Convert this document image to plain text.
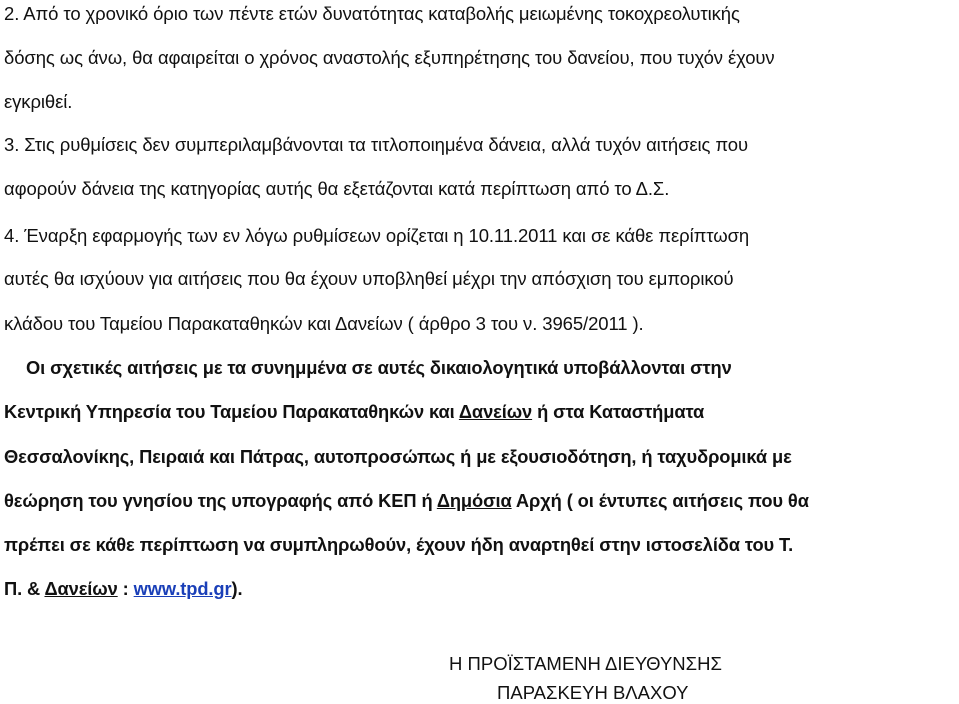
2. Από το χρονικό όριο των πέντε ετών δυνατότητας καταβολής μειωμένης τοκοχρεολυτικής
δόσης ως άνω, θα αφαιρείται ο χρόνος αναστολής εξυπηρέτησης του δανείου, που τυχόν έχουν
εγκριθεί.
3. Στις ρυθμίσεις δεν συμπεριλαμβάνονται τα τιτλοποιημένα δάνεια, αλλά τυχόν αιτήσεις που
αφορούν δάνεια της κατηγορίας αυτής θα εξετάζονται κατά περίπτωση από το Δ.Σ.
4. Έναρξη εφαρμογής των εν λόγω ρυθμίσεων ορίζεται η 10.11.2011 και σε κάθε περίπτωση
αυτές θα ισχύουν για αιτήσεις που θα έχουν υποβληθεί μέχρι την απόσχιση του εμπορικού
κλάδου του Ταμείου Παρακαταθηκών και Δανείων ( άρθρο 3 του ν. 3965/2011 ).
Οι σχετικές αιτήσεις με τα συνημμένα σε αυτές δικαιολογητικά υποβάλλονται στην
Κεντρική Υπηρεσία του Ταμείου Παρακαταθηκών και Δανείων ή στα Καταστήματα
Θεσσαλονίκης, Πειραιά και Πάτρας, αυτοπροσώπως ή με εξουσιοδότηση, ή ταχυδρομικά με
θεώρηση του γνησίου της υπογραφής από ΚΕΠ ή Δημόσια Αρχή ( οι έντυπες αιτήσεις που θα
πρέπει σε κάθε περίπτωση να συμπληρωθούν, έχουν ήδη αναρτηθεί στην ιστοσελίδα του Τ.
Π. & Δανείων : www.tpd.gr).
Η ΠΡΟΪΣΤΑΜΕΝΗ ΔΙΕΥΘΥΝΣΗΣ
ΠΑΡΑΣΚΕΥΗ ΒΛΑΧΟΥ
